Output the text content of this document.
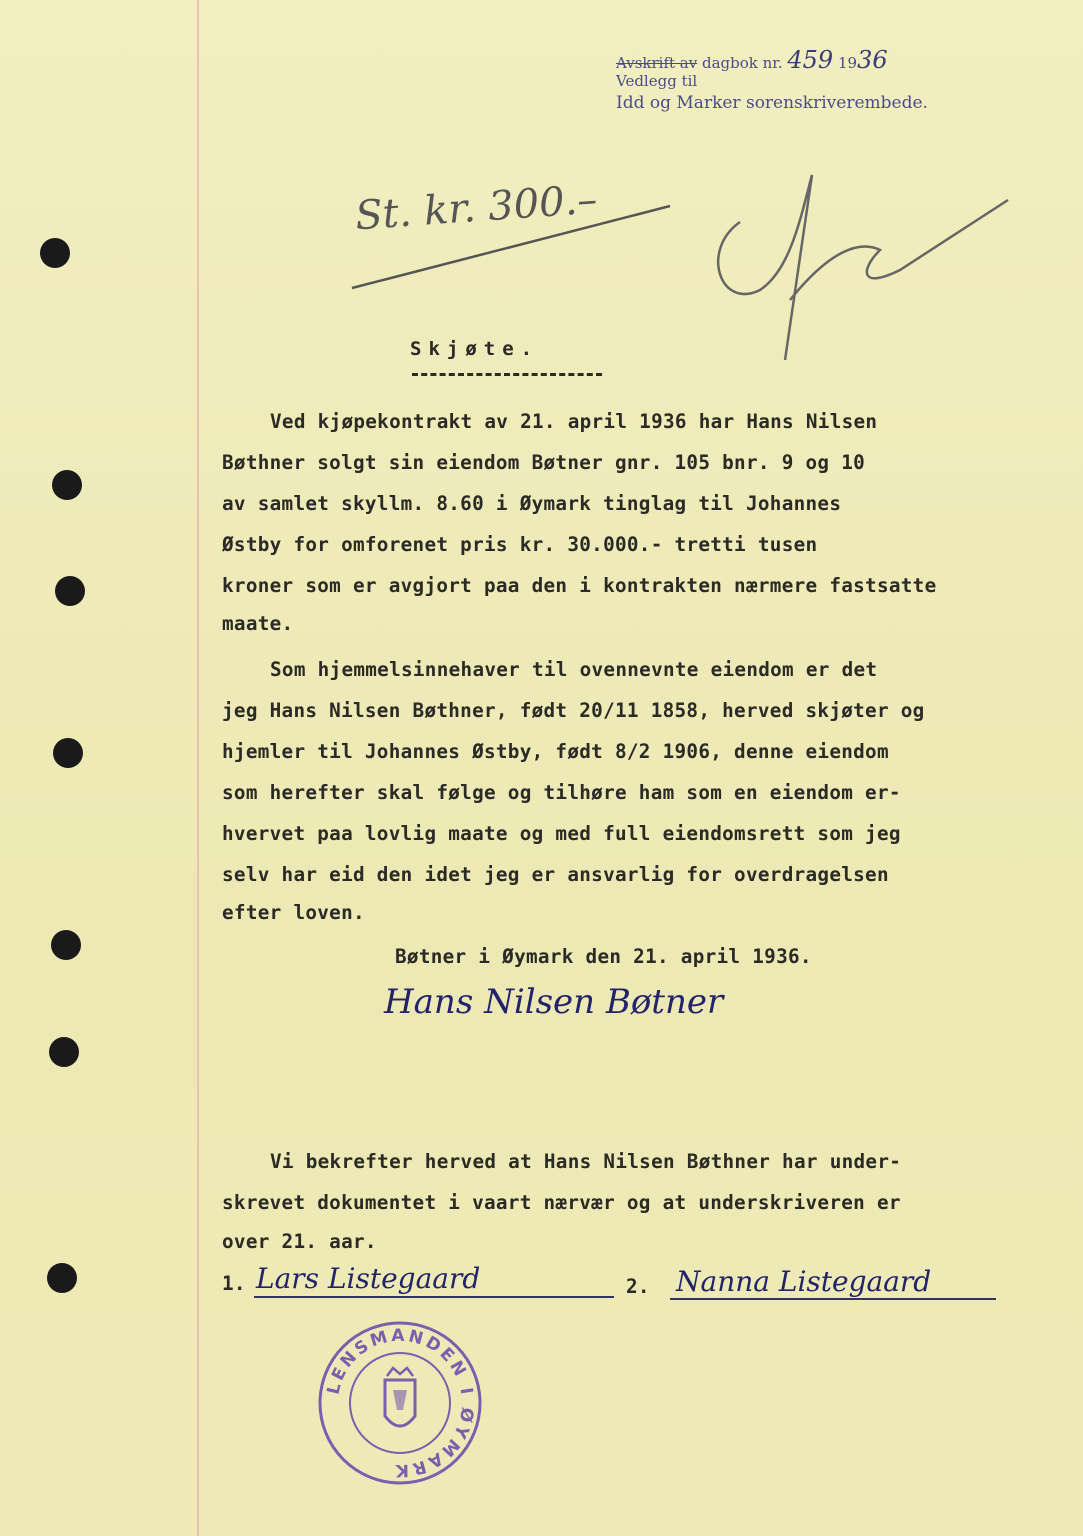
Avskrift av dagbok nr. 459 1936
Vedlegg til
Idd og Marker sorenskriverembede.
St. kr. 300.–
Skjøte.
Ved kjøpekontrakt av 21. april 1936 har Hans Nilsen
Bøthner solgt sin eiendom Bøtner gnr. 105 bnr. 9 og 10
av samlet skyllm. 8.60 i Øymark tinglag til Johannes
Østby for omforenet pris kr. 30.000.- tretti tusen
kroner som er avgjort paa den i kontrakten nærmere fastsatte
maate.
Som hjemmelsinnehaver til ovennevnte eiendom er det
jeg Hans Nilsen Bøthner, født 20/11 1858, herved skjøter og
hjemler til Johannes Østby, født 8/2 1906, denne eiendom
som herefter skal følge og tilhøre ham som en eiendom er-
hvervet paa lovlig maate og med full eiendomsrett som jeg
selv har eid den idet jeg er ansvarlig for overdragelsen
efter loven.
Bøtner i Øymark den 21. april 1936.
Hans Nilsen Bøtner
Vi bekrefter herved at Hans Nilsen Bøthner har under-
skrevet dokumentet i vaart nærvær og at underskriveren er
over 21. aar.
1. Lars Listegaard	2. Nanna Listegaard
LENSMANDEN I ØYMARK
